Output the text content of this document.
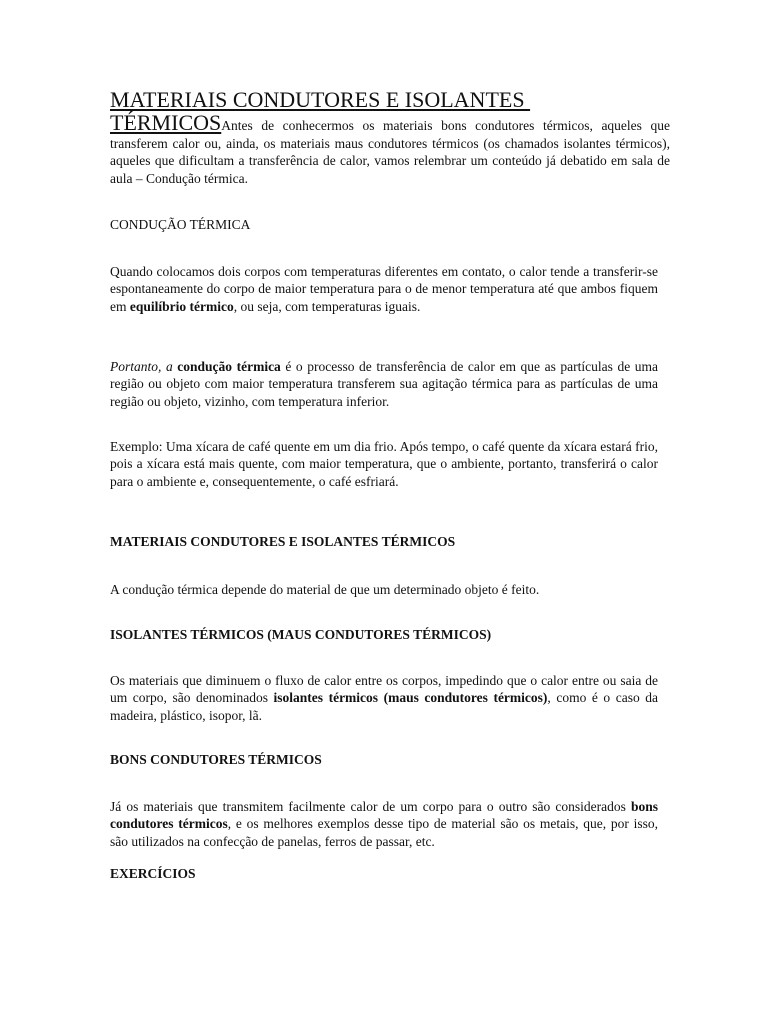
MATERIAIS CONDUTORES E ISOLANTES
TÉRMICOSAntes de conhecermos os materiais bons condutores térmicos, aqueles que transferem calor ou, ainda, os materiais maus condutores térmicos (os chamados isolantes térmicos), aqueles que dificultam a transferência de calor, vamos relembrar um conteúdo já debatido em sala de aula – Condução térmica.
CONDUÇÃO TÉRMICA
Quando colocamos dois corpos com temperaturas diferentes em contato, o calor tende a transferir-se espontaneamente do corpo de maior temperatura para o de menor temperatura até que ambos fiquem em equilíbrio térmico, ou seja, com temperaturas iguais.
Portanto, a condução térmica é o processo de transferência de calor em que as partículas de uma região ou objeto com maior temperatura transferem sua agitação térmica para as partículas de uma região ou objeto, vizinho, com temperatura inferior.
Exemplo: Uma xícara de café quente em um dia frio. Após tempo, o café quente da xícara estará frio, pois a xícara está mais quente, com maior temperatura, que o ambiente, portanto, transferirá o calor para o ambiente e, consequentemente, o café esfriará.
MATERIAIS CONDUTORES E ISOLANTES TÉRMICOS
A condução térmica depende do material de que um determinado objeto é feito.
ISOLANTES TÉRMICOS (MAUS CONDUTORES TÉRMICOS)
Os materiais que diminuem o fluxo de calor entre os corpos, impedindo que o calor entre ou saia de um corpo, são denominados isolantes térmicos (maus condutores térmicos), como é o caso da madeira, plástico, isopor, lã.
BONS CONDUTORES TÉRMICOS
Já os materiais que transmitem facilmente calor de um corpo para o outro são considerados bons condutores térmicos, e os melhores exemplos desse tipo de material são os metais, que, por isso, são utilizados na confecção de panelas, ferros de passar, etc.
EXERCÍCIOS
